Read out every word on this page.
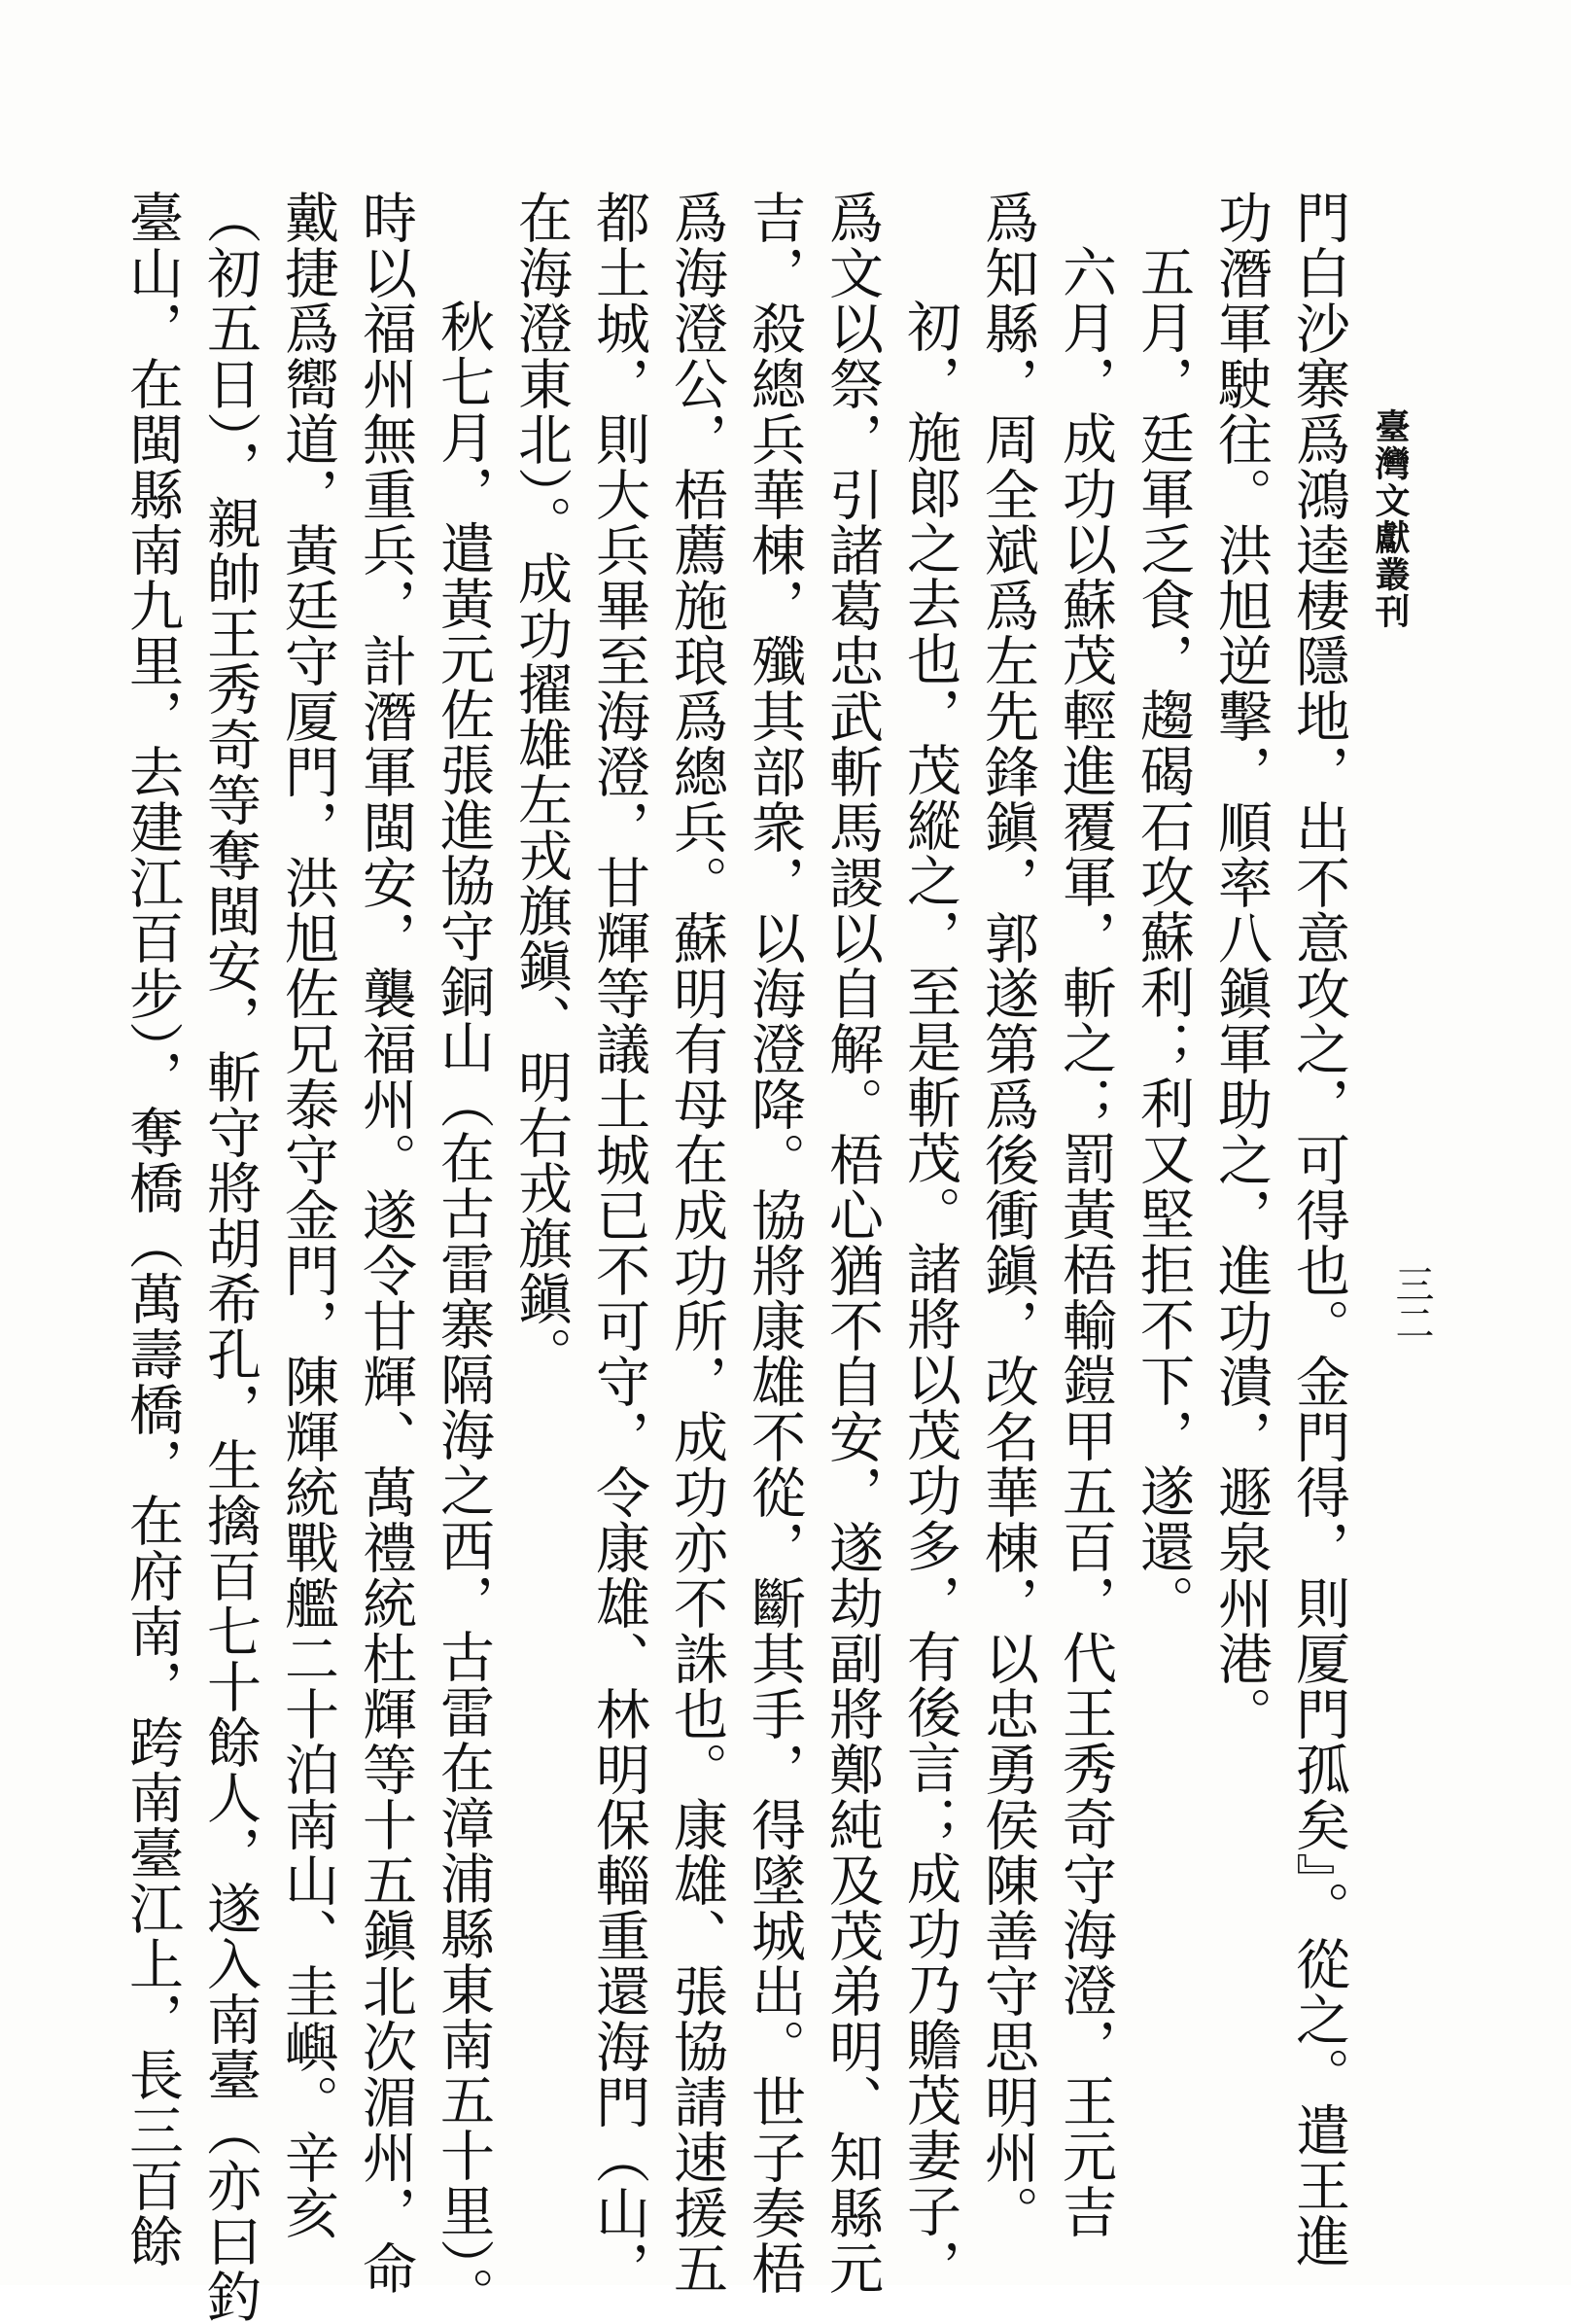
臺灣文獻叢刊
三二
門白沙寨爲鴻逵棲隱地，出不意攻之，可得也。金門得，則厦門孤矣』。從之。遣王進
功潛軍駛往。洪旭逆擊，順率八鎭軍助之，進功潰，遯泉州港。
五月，廷軍乏食，趨碣石攻蘇利；利又堅拒不下，遂還。
六月，成功以蘇茂輕進覆軍，斬之；罰黃梧輸鎧甲五百，代王秀奇守海澄，王元吉
爲知縣，周全斌爲左先鋒鎭，郭遂第爲後衝鎭，改名華棟，以忠勇侯陳善守思明州。
初，施郞之去也，茂縱之，至是斬茂。諸將以茂功多，有後言；成功乃贍茂妻子，
爲文以祭，引諸葛忠武斬馬謖以自解。梧心猶不自安，遂劫副將鄭純及茂弟明、知縣元
吉，殺總兵華棟，殲其部衆，以海澄降。協將康雄不從，斷其手，得墜城出。世子奏梧
爲海澄公，梧薦施琅爲總兵。蘇明有母在成功所，成功亦不誅也。康雄、張協請速援五
都土城，則大兵畢至海澄，甘輝等議土城已不可守，令康雄、林明保輜重還海門（山，
在海澄東北）。成功擢雄左戎旗鎭、明右戎旗鎭。
秋七月，遣黃元佐張進協守銅山（在古雷寨隔海之西，古雷在漳浦縣東南五十里）。
時以福州無重兵，計潛軍閩安，襲福州。遂令甘輝、萬禮統杜輝等十五鎭北次湄州，命
戴捷爲嚮道，黃廷守厦門，洪旭佐兄泰守金門，陳輝統戰艦二十泊南山、圭嶼。辛亥
（初五日），親帥王秀奇等奪閩安，斬守將胡希孔，生擒百七十餘人，遂入南臺（亦曰釣
臺山，在閩縣南九里，去建江百步），奪橋（萬壽橋，在府南，跨南臺江上，長三百餘
